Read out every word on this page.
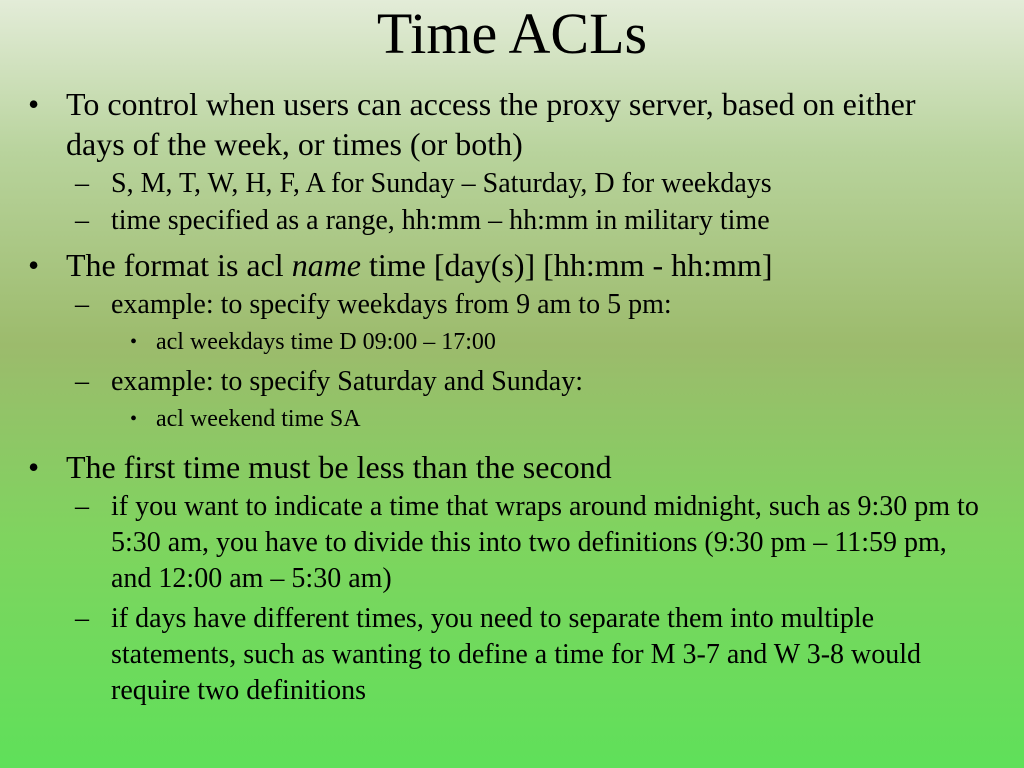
Time ACLs
• To control when users can access the proxy server, based on either days of the week, or times (or both)
– S, M, T, W, H, F, A for Sunday – Saturday, D for weekdays
– time specified as a range, hh:mm – hh:mm in military time
• The format is acl name time [day(s)] [hh:mm - hh:mm]
– example: to specify weekdays from 9 am to 5 pm:
• acl weekdays time D 09:00 – 17:00
– example: to specify Saturday and Sunday:
• acl weekend time SA
• The first time must be less than the second
– if you want to indicate a time that wraps around midnight, such as 9:30 pm to 5:30 am, you have to divide this into two definitions (9:30 pm – 11:59 pm, and 12:00 am – 5:30 am)
– if days have different times, you need to separate them into multiple statements, such as wanting to define a time for M 3-7 and W 3-8 would require two definitions
